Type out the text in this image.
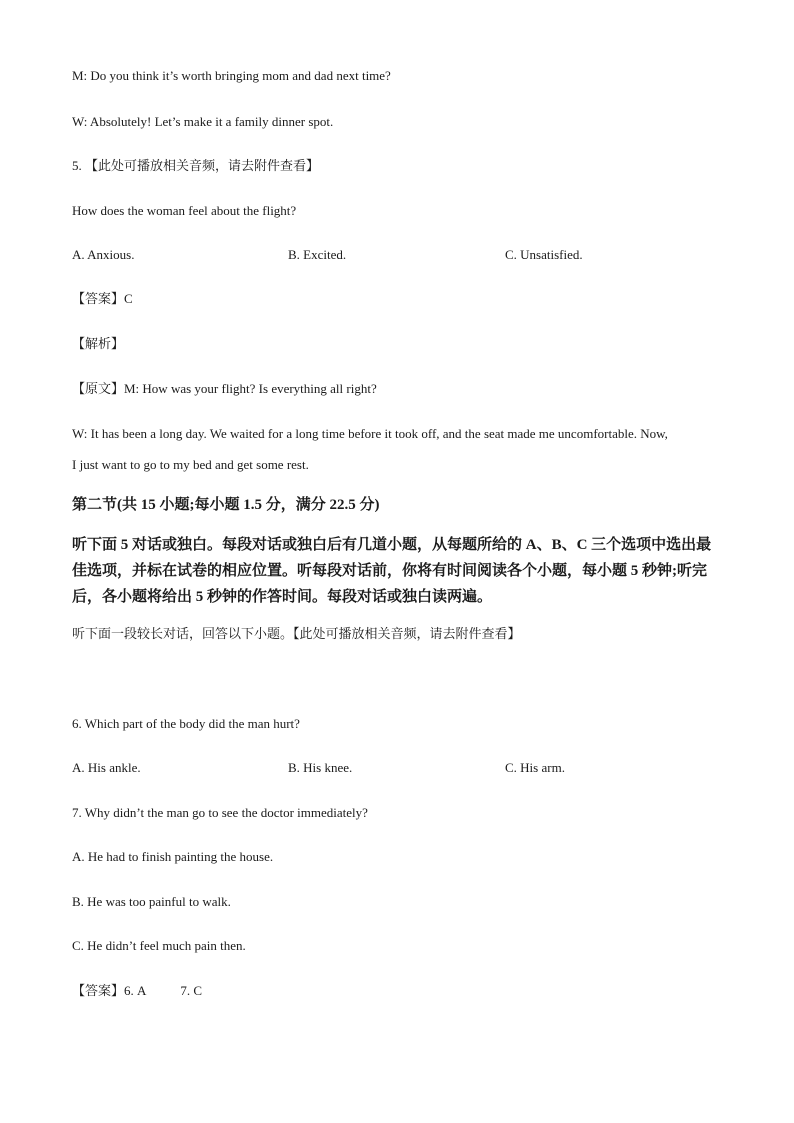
M: Do you think it’s worth bringing mom and dad next time?
W: Absolutely! Let’s make it a family dinner spot.
5. 【此处可播放相关音频，请去附件查看】
How does the woman feel about the flight?
A. Anxious.	B. Excited.	C. Unsatisfied.
【答案】C
【解析】
【原文】M: How was your flight? Is everything all right?
W: It has been a long day. We waited for a long time before it took off, and the seat made me uncomfortable. Now,
I just want to go to my bed and get some rest.
第二节(共 15 小题;每小题 1.5 分，满分 22.5 分)
听下面 5 对话或独白。每段对话或独白后有几道小题，从每题所给的 A、B、C 三个选项中选出最佳选项，并标在试卷的相应位置。听每段对话前，你将有时间阅读各个小题，每小题 5 秒钟;听完后，各小题将给出 5 秒钟的作答时间。每段对话或独白读两遍。
听下面一段较长对话，回答以下小题。【此处可播放相关音频，请去附件查看】
6. Which part of the body did the man hurt?
A. His ankle.	B. His knee.	C. His arm.
7. Why didn’t the man go to see the doctor immediately?
A. He had to finish painting the house.
B. He was too painful to walk.
C. He didn’t feel much pain then.
【答案】6. A	7. C
